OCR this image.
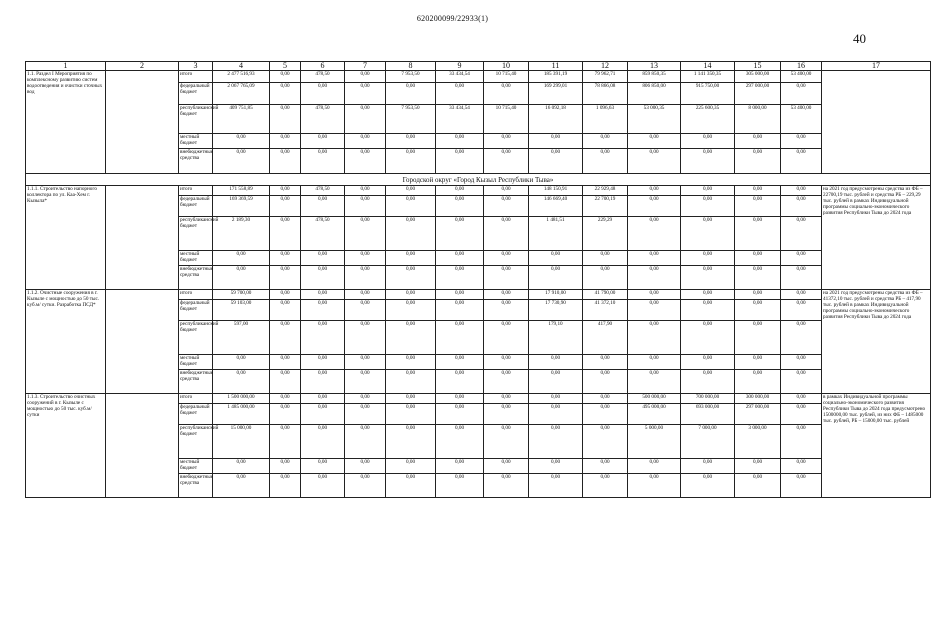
620200099/22933(1)
40
1	2	3	4	5	6	7	8	9	10	11	12	13	14	15	16	17
1.1. Раздел I Мероприятия по комплексному развитию систем водоотведения и очистки сточных вод		итого	2 477 516,93	0,00	478,50	0,00	7 953,50	33 434,54	10 715,40	185 391,19	79 962,71	859 850,35	1 141 350,35	305 000,00	53 400,00	
		федеральный бюджет	2 067 765,09	0,00	0,00	0,00	0,00	0,00	0,00	169 299,01	78 866,08	806 850,00	915 750,00	297 000,00	0,00	
		республиканский бюджет	409 751,85	0,00	478,50	0,00	7 953,50	33 434,54	10 715,40	16 092,18	1 096,63	53 000,35	225 600,35	8 000,00	53 400,00	
		местный бюджет	0,00	0,00	0,00	0,00	0,00	0,00	0,00	0,00	0,00	0,00	0,00	0,00	0,00	
		внебюджетные средства	0,00	0,00	0,00	0,00	0,00	0,00	0,00	0,00	0,00	0,00	0,00	0,00	0,00	
Городской округ «Город Кызыл Республики Тыва»																
1.1.1. Строительство напорного коллектора по ул. Каа-Хем г. Кызыла*		итого	171 558,89	0,00	478,50	0,00	0,00	0,00	0,00	148 150,91	22 929,48	0,00	0,00	0,00	0,00	на 2021 год предусмотрены средства из ФБ – 22700,19 тыс. рублей и средства РБ – 229,29 тыс. рублей в рамках Индивидуальной программы социально-экономического развития Республики Тыва до 2024 года
		федеральный бюджет	169 369,59	0,00	0,00	0,00	0,00	0,00	0,00	146 669,40	22 700,19	0,00	0,00	0,00	0,00	
		республиканский бюджет	2 189,30	0,00	478,50	0,00	0,00	0,00	0,00	1 481,51	229,29	0,00	0,00	0,00	0,00	
		местный бюджет	0,00	0,00	0,00	0,00	0,00	0,00	0,00	0,00	0,00	0,00	0,00	0,00	0,00	
		внебюджетные средства	0,00	0,00	0,00	0,00	0,00	0,00	0,00	0,00	0,00	0,00	0,00	0,00	0,00	
1.1.2. Очистные сооружения в г. Кызыле с мощностью до 50 тыс. куб.м/ сутки. Разработка ПСД*		итого	59 700,00	0,00	0,00	0,00	0,00	0,00	0,00	17 910,00	41 790,00	0,00	0,00	0,00	0,00	на 2021 год предусмотрены средства из ФБ – 41372,10 тыс. рублей и средства РБ – 417,90 тыс. рублей в рамках Индивидуальной программы социально-экономического развития Республики Тыва до 2024 года
		федеральный бюджет	59 103,00	0,00	0,00	0,00	0,00	0,00	0,00	17 730,90	41 372,10	0,00	0,00	0,00	0,00	
		республиканский бюджет	597,00	0,00	0,00	0,00	0,00	0,00	0,00	179,10	417,90	0,00	0,00	0,00	0,00	
		местный бюджет	0,00	0,00	0,00	0,00	0,00	0,00	0,00	0,00	0,00	0,00	0,00	0,00	0,00	
		внебюджетные средства	0,00	0,00	0,00	0,00	0,00	0,00	0,00	0,00	0,00	0,00	0,00	0,00	0,00	
1.1.3. Строительство очистных сооружений в г. Кызыле с мощностью до 50 тыс. куб.м/ сутки		итого	1 500 000,00	0,00	0,00	0,00	0,00	0,00	0,00	0,00	0,00	500 000,00	700 000,00	300 000,00	0,00	в рамках Индивидуальной программы социально-экономического развития Республики Тыва до 2024 года предусмотрено 1500000,00 тыс. рублей, из них ФБ – 1485000 тыс. рублей, РБ – 15000,00 тыс. рублей
		федеральный бюджет	1 485 000,00	0,00	0,00	0,00	0,00	0,00	0,00	0,00	0,00	495 000,00	693 000,00	297 000,00	0,00	
		республиканский бюджет	15 000,00	0,00	0,00	0,00	0,00	0,00	0,00	0,00	0,00	5 000,00	7 000,00	3 000,00	0,00	
		местный бюджет	0,00	0,00	0,00	0,00	0,00	0,00	0,00	0,00	0,00	0,00	0,00	0,00	0,00	
		внебюджетные средства	0,00	0,00	0,00	0,00	0,00	0,00	0,00	0,00	0,00	0,00	0,00	0,00	0,00	
